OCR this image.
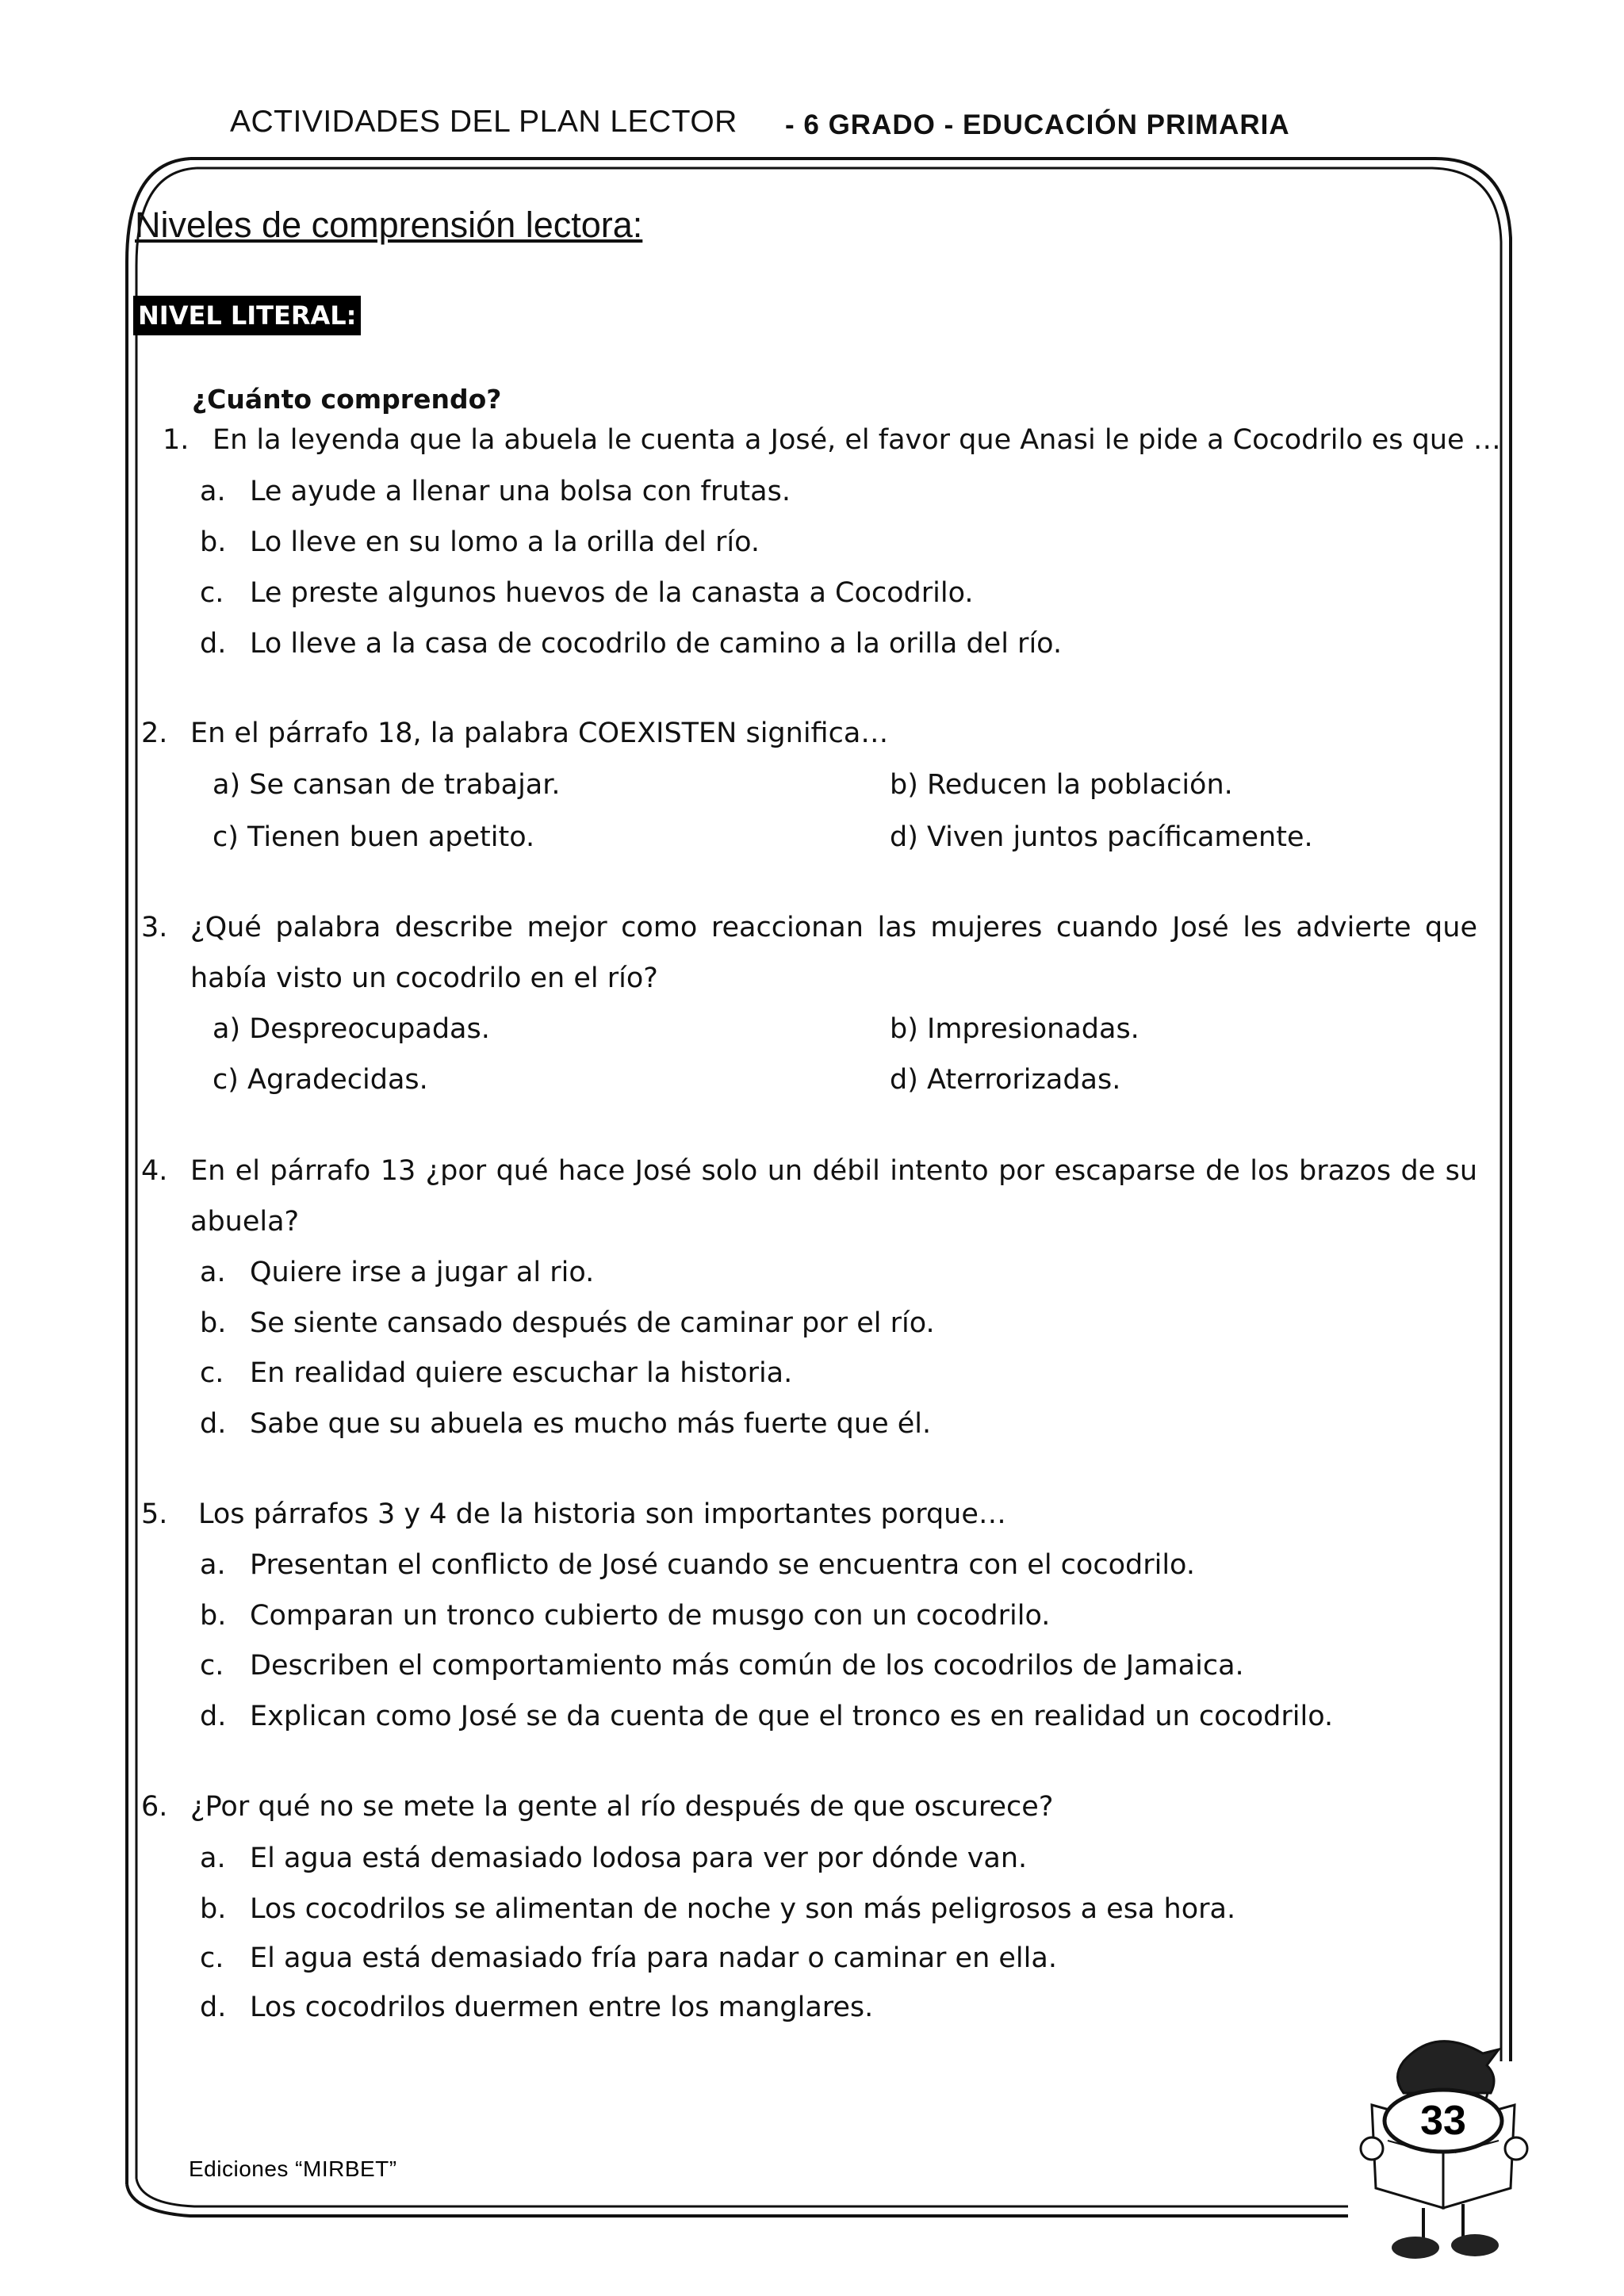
ACTIVIDADES DEL PLAN LECTOR - 6 GRADO - EDUCACIÓN PRIMARIA
Niveles de comprensión lectora:
NIVEL LITERAL:
¿Cuánto comprendo?
1. En la leyenda que la abuela le cuenta a José, el favor que Anasi le pide a Cocodrilo es que …
a. Le ayude a llenar una bolsa con frutas.
b. Lo lleve en su lomo a la orilla del río.
c. Le preste algunos huevos de la canasta a Cocodrilo.
d. Lo lleve a la casa de cocodrilo de camino a la orilla del río.
2. En el párrafo 18, la palabra COEXISTEN significa…
a) Se cansan de trabajar.	b) Reducen la población.
c) Tienen buen apetito.	d) Viven juntos pacíficamente.
3. ¿Qué palabra describe mejor como reaccionan las mujeres cuando José les advierte que
había visto un cocodrilo en el río?
a) Despreocupadas.	b) Impresionadas.
c) Agradecidas.	d) Aterrorizadas.
4. En el párrafo 13 ¿por qué hace José solo un débil intento por escaparse de los brazos de su
abuela?
a. Quiere irse a jugar al rio.
b. Se siente cansado después de caminar por el río.
c. En realidad quiere escuchar la historia.
d. Sabe que su abuela es mucho más fuerte que él.
5. Los párrafos 3 y 4 de la historia son importantes porque…
a. Presentan el conflicto de José cuando se encuentra con el cocodrilo.
b. Comparan un tronco cubierto de musgo con un cocodrilo.
c. Describen el comportamiento más común de los cocodrilos de Jamaica.
d. Explican como José se da cuenta de que el tronco es en realidad un cocodrilo.
6. ¿Por qué no se mete la gente al río después de que oscurece?
a. El agua está demasiado lodosa para ver por dónde van.
b. Los cocodrilos se alimentan de noche y son más peligrosos a esa hora.
c. El agua está demasiado fría para nadar o caminar en ella.
d. Los cocodrilos duermen entre los manglares.
Ediciones “MIRBET”
33
